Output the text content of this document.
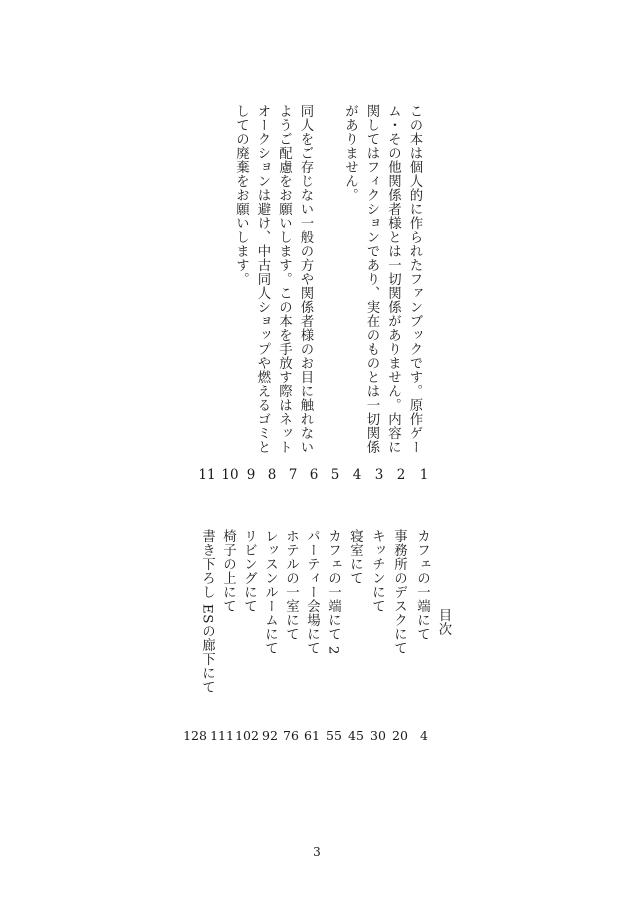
この本は個人的に作られたファンブックです。原作ゲー
ム・その他関係者様とは一切関係がありません。内容に
関してはフィクションであり、実在のものとは一切関係
がありません。
同人をご存じない一般の方や関係者様のお目に触れない
ようご配慮をお願いします。この本を手放す際はネット
オークションは避け、中古同人ショップや燃えるゴミと
しての廃棄をお願いします。
目次
1
2
3
4
5
6
7
8
9
10
11
カフェの一端にて
事務所のデスクにて
キッチンにて
寝室にて
カフェの一端にて 2
パーティー会場にて
ホテルの一室にて
レッスンルームにて
リビングにて
椅子の上にて
書き下ろし ESの廊下にて
4
20
30
45
55
61
76
92
102
111
128
3
